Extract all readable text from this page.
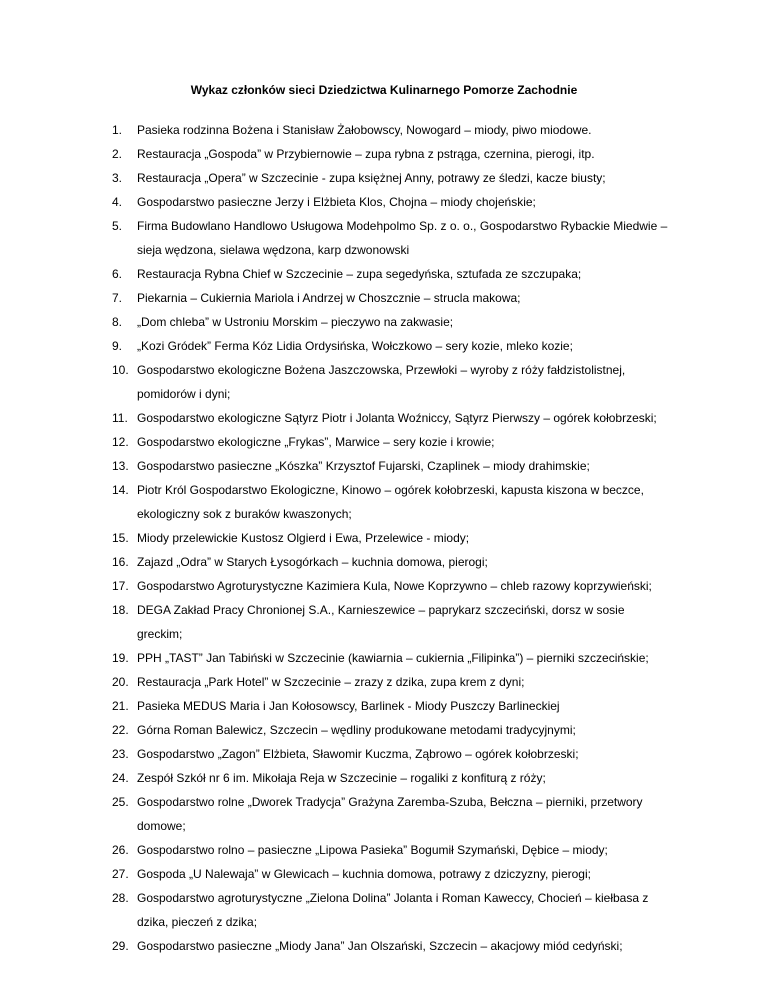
Wykaz członków sieci Dziedzictwa Kulinarnego Pomorze Zachodnie
1. Pasieka rodzinna Bożena i Stanisław Żałobowscy, Nowogard – miody, piwo miodowe.
2. Restauracja „Gospoda” w Przybiernowie – zupa rybna z pstrąga, czernina, pierogi, itp.
3. Restauracja „Opera” w Szczecinie - zupa księżnej Anny, potrawy ze śledzi, kacze biusty;
4. Gospodarstwo pasieczne Jerzy i Elżbieta Klos, Chojna – miody chojeńskie;
5. Firma Budowlano Handlowo Usługowa Modehpolmo Sp. z o. o., Gospodarstwo Rybackie Miedwie – sieja wędzona, sielawa wędzona, karp dzwonowski
6. Restauracja Rybna Chief w Szczecinie – zupa segedyńska, sztufada ze szczupaka;
7. Piekarnia – Cukiernia Mariola i Andrzej w Choszcznie – strucla makowa;
8. „Dom chleba” w Ustroniu Morskim – pieczywo na zakwasie;
9. „Kozi Gródek” Ferma Kóz Lidia Ordysińska, Wołczkowo – sery kozie, mleko kozie;
10. Gospodarstwo ekologiczne Bożena Jaszczowska, Przewłoki – wyroby z róży fałdzistolistnej, pomidorów i dyni;
11. Gospodarstwo ekologiczne Sątyrz Piotr i Jolanta Woźniccy, Sątyrz Pierwszy – ogórek kołobrzeski;
12. Gospodarstwo ekologiczne „Frykas”, Marwice – sery kozie i krowie;
13. Gospodarstwo pasieczne „Kószka” Krzysztof Fujarski, Czaplinek – miody drahimskie;
14. Piotr Król Gospodarstwo Ekologiczne, Kinowo – ogórek kołobrzeski, kapusta kiszona w beczce, ekologiczny sok z buraków kwaszonych;
15. Miody przelewickie Kustosz Olgierd i Ewa, Przelewice - miody;
16. Zajazd „Odra” w Starych Łysogórkach – kuchnia domowa, pierogi;
17. Gospodarstwo Agroturystyczne Kazimiera Kula, Nowe Koprzywno – chleb razowy koprzywieński;
18. DEGA Zakład Pracy Chronionej S.A., Karnieszewice – paprykarz szczeciński, dorsz w sosie greckim;
19. PPH „TAST” Jan Tabiński w Szczecinie (kawiarnia – cukiernia „Filipinka”) – pierniki szczecińskie;
20. Restauracja „Park Hotel” w Szczecinie – zrazy z dzika, zupa krem z dyni;
21. Pasieka MEDUS Maria i Jan Kołosowscy, Barlinek - Miody Puszczy Barlineckiej
22. Górna Roman Balewicz, Szczecin – wędliny produkowane metodami tradycyjnymi;
23. Gospodarstwo „Zagon” Elżbieta, Sławomir Kuczma, Ząbrowo – ogórek kołobrzeski;
24. Zespół Szkół nr 6 im. Mikołaja Reja w Szczecinie – rogaliki z konfiturą z róży;
25. Gospodarstwo rolne „Dworek Tradycja” Grażyna Zaremba-Szuba, Bełczna – pierniki, przetwory domowe;
26. Gospodarstwo rolno – pasieczne „Lipowa Pasieka” Bogumił Szymański, Dębice – miody;
27. Gospoda „U Nalewaja” w Glewicach – kuchnia domowa, potrawy z dziczyzny, pierogi;
28. Gospodarstwo agroturystyczne „Zielona Dolina” Jolanta i Roman Kaweccy, Chocień – kiełbasa z dzika, pieczeń z dzika;
29. Gospodarstwo pasieczne „Miody Jana” Jan Olszański, Szczecin – akacjowy miód cedyński;
